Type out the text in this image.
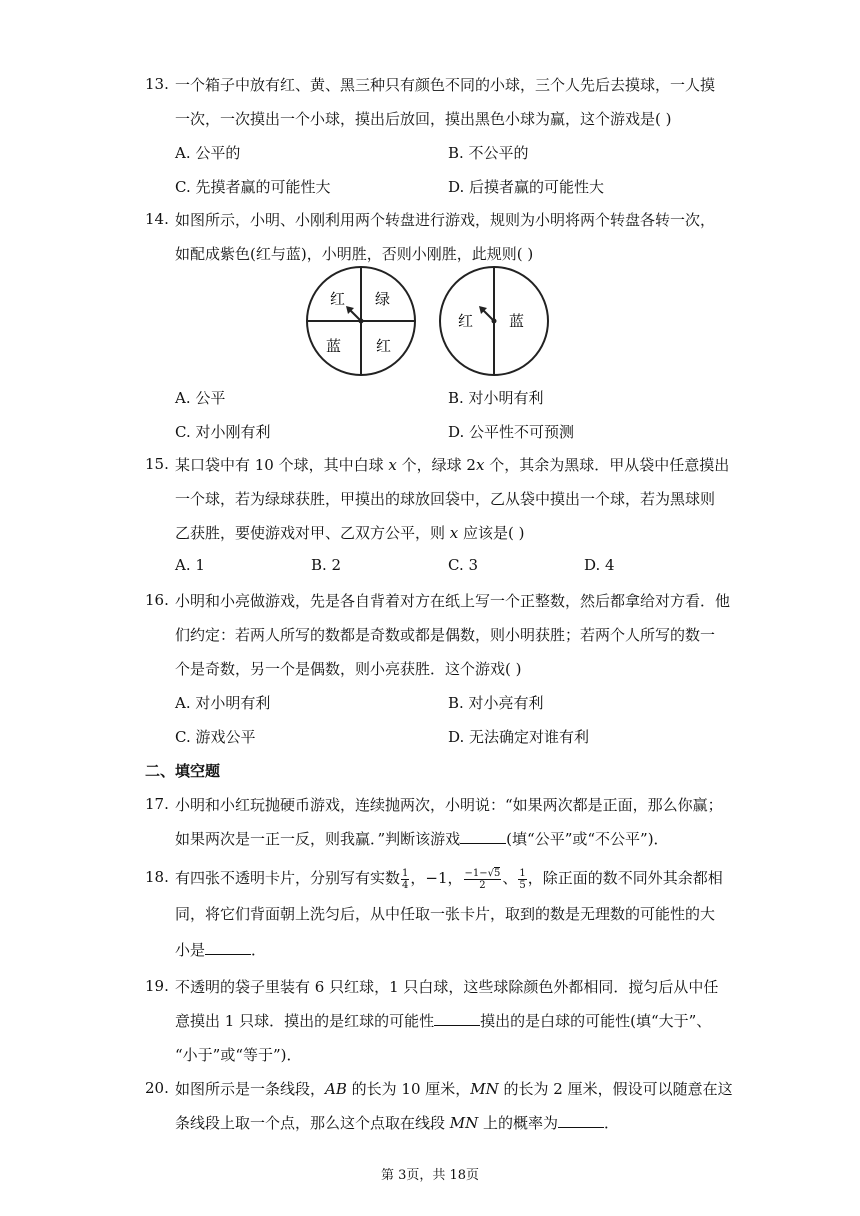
13. 一个箱子中放有红、黄、黑三种只有颜色不同的小球，三个人先后去摸球，一人摸
一次，一次摸出一个小球，摸出后放回，摸出黑色小球为赢，这个游戏是( )
A. 公平的	B. 不公平的
C. 先摸者赢的可能性大	D. 后摸者赢的可能性大
14. 如图所示，小明、小刚利用两个转盘进行游戏，规则为小明将两个转盘各转一次，
如配成紫色(红与蓝)，小明胜，否则小刚胜，此规则( )
A. 公平	B. 对小明有利
C. 对小刚有利	D. 公平性不可预测
红 绿
蓝 红
红 蓝
15. 某口袋中有 10 个球，其中白球 x 个，绿球 2x 个，其余为黑球．甲从袋中任意摸出
一个球，若为绿球获胜，甲摸出的球放回袋中，乙从袋中摸出一个球，若为黑球则
乙获胜，要使游戏对甲、乙双方公平，则 x 应该是( )
A. 1	B. 2	C. 3	D. 4
16. 小明和小亮做游戏，先是各自背着对方在纸上写一个正整数，然后都拿给对方看．他
们约定：若两人所写的数都是奇数或都是偶数，则小明获胜；若两个人所写的数一
个是奇数，另一个是偶数，则小亮获胜．这个游戏( )
A. 对小明有利	B. 对小亮有利
C. 游戏公平	D. 无法确定对谁有利
二、填空题
17. 小明和小红玩抛硬币游戏，连续抛两次，小明说：“如果两次都是正面，那么你赢；
如果两次是一正一反，则我赢．”判断该游戏	(填“公平”或“不公平”)．
18. 有四张不透明卡片，分别写有实数 $\frac{1}{4}$ ，−1， $\frac{-1-√5}{2}$ 、 $\frac{1}{5}$ ，除正面的数不同外其余都相
同，将它们背面朝上洗匀后，从中任取一张卡片，取到的数是无理数的可能性的大
小是	．
19. 不透明的袋子里装有 6 只红球，1 只白球，这些球除颜色外都相同．搅匀后从中任
意摸出 1 只球．摸出的是红球的可能性	摸出的是白球的可能性(填“大于”、
“小于”或“等于”)．
20. 如图所示是一条线段，AB 的长为 10 厘米，MN 的长为 2 厘米，假设可以随意在这
条线段上取一个点，那么这个点取在线段 MN 上的概率为	．
第 3页，共 18页
